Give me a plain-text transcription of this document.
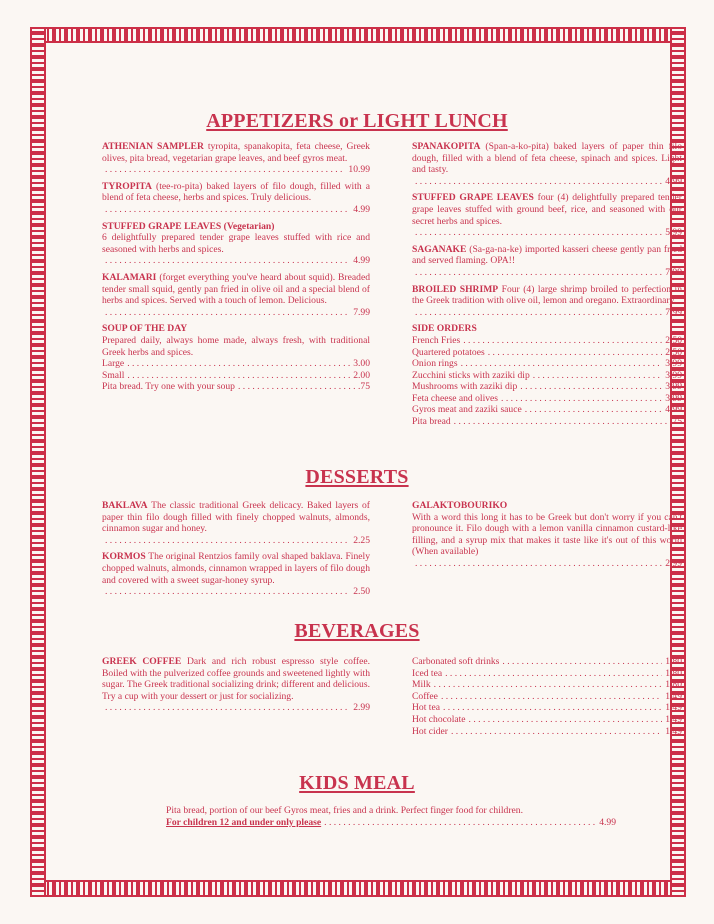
APPETIZERS or LIGHT LUNCH
ATHENIAN SAMPLER tyropita, spanakopita, feta cheese, Greek olives, pita bread, vegetarian grape leaves, and beef gyros meat.
. . .
10.99
TYROPITA (tee-ro-pita) baked layers of filo dough, filled with a blend of feta cheese, herbs and spices. Truly delicious.
. . .
4.99
STUFFED GRAPE LEAVES (Vegetarian)
6 delightfully prepared tender grape leaves stuffed with rice and seasoned with herbs and spices.
. . .
4.99
KALAMARI (forget everything you've heard about squid). Breaded tender small squid, gently pan fried in olive oil and a special blend of herbs and spices. Served with a touch of lemon. Delicious.
. . .
7.99
SOUP OF THE DAY
Prepared daily, always home made, always fresh, with traditional Greek herbs and spices.
Large . . .	3.00
Small . . .	2.00
Pita bread. Try one with your soup . . .	.75
SPANAKOPITA (Span-a-ko-pita) baked layers of paper thin filo dough, filled with a blend of feta cheese, spinach and spices. Light and tasty.
. . .
4.99
STUFFED GRAPE LEAVES four (4) delightfully prepared tender grape leaves stuffed with ground beef, rice, and seasoned with our secret herbs and spices.
. . .
5.99
SAGANAKE (Sa-ga-na-ke) imported kasseri cheese gently pan fried and served flaming. OPA!!
. . .
7.99
BROILED SHRIMP Four (4) large shrimp broiled to perfection in the Greek tradition with olive oil, lemon and oregano. Extraordinary.
. . .
7.99
SIDE ORDERS
French Fries . . .	2.50
Quartered potatoes . . .	2.50
Onion rings . . .	3.99
Zucchini sticks with zaziki dip . . .	3.99
Mushrooms with zaziki dip . . .	3.99
Feta cheese and olives . . .	3.99
Gyros meat and zaziki sauce . . .	4.99
Pita bread . . .	.75
DESSERTS
BAKLAVA The classic traditional Greek delicacy. Baked layers of paper thin filo dough filled with finely chopped walnuts, almonds, cinnamon sugar and honey.
. . .
2.25
KORMOS The original Rentzios family oval shaped baklava. Finely chopped walnuts, almonds, cinnamon wrapped in layers of filo dough and covered with a sweet sugar-honey syrup.
. . .
2.50
GALAKTOBOURIKO
With a word this long it has to be Greek but don't worry if you can't pronounce it. Filo dough with a lemon vanilla cinnamon custard-like filling, and a syrup mix that makes it taste like it's out of this world (When available)
. . .
2.99
BEVERAGES
GREEK COFFEE Dark and rich robust espresso style coffee. Boiled with the pulverized coffee grounds and sweetened lightly with sugar. The Greek traditional socializing drink; different and delicious. Try a cup with your dessert or just for socializing.
. . .
2.99
Carbonated soft drinks . . .	1.80
Iced tea . . .	1.80
Milk . . .	1.80
Coffee . . .	1.49
Hot tea . . .	1.49
Hot chocolate . . .	1.49
Hot cider . . .	1.49
KIDS MEAL
Pita bread, portion of our beef Gyros meat, fries and a drink. Perfect finger food for children.
For children 12 and under only please . . .	4.99
